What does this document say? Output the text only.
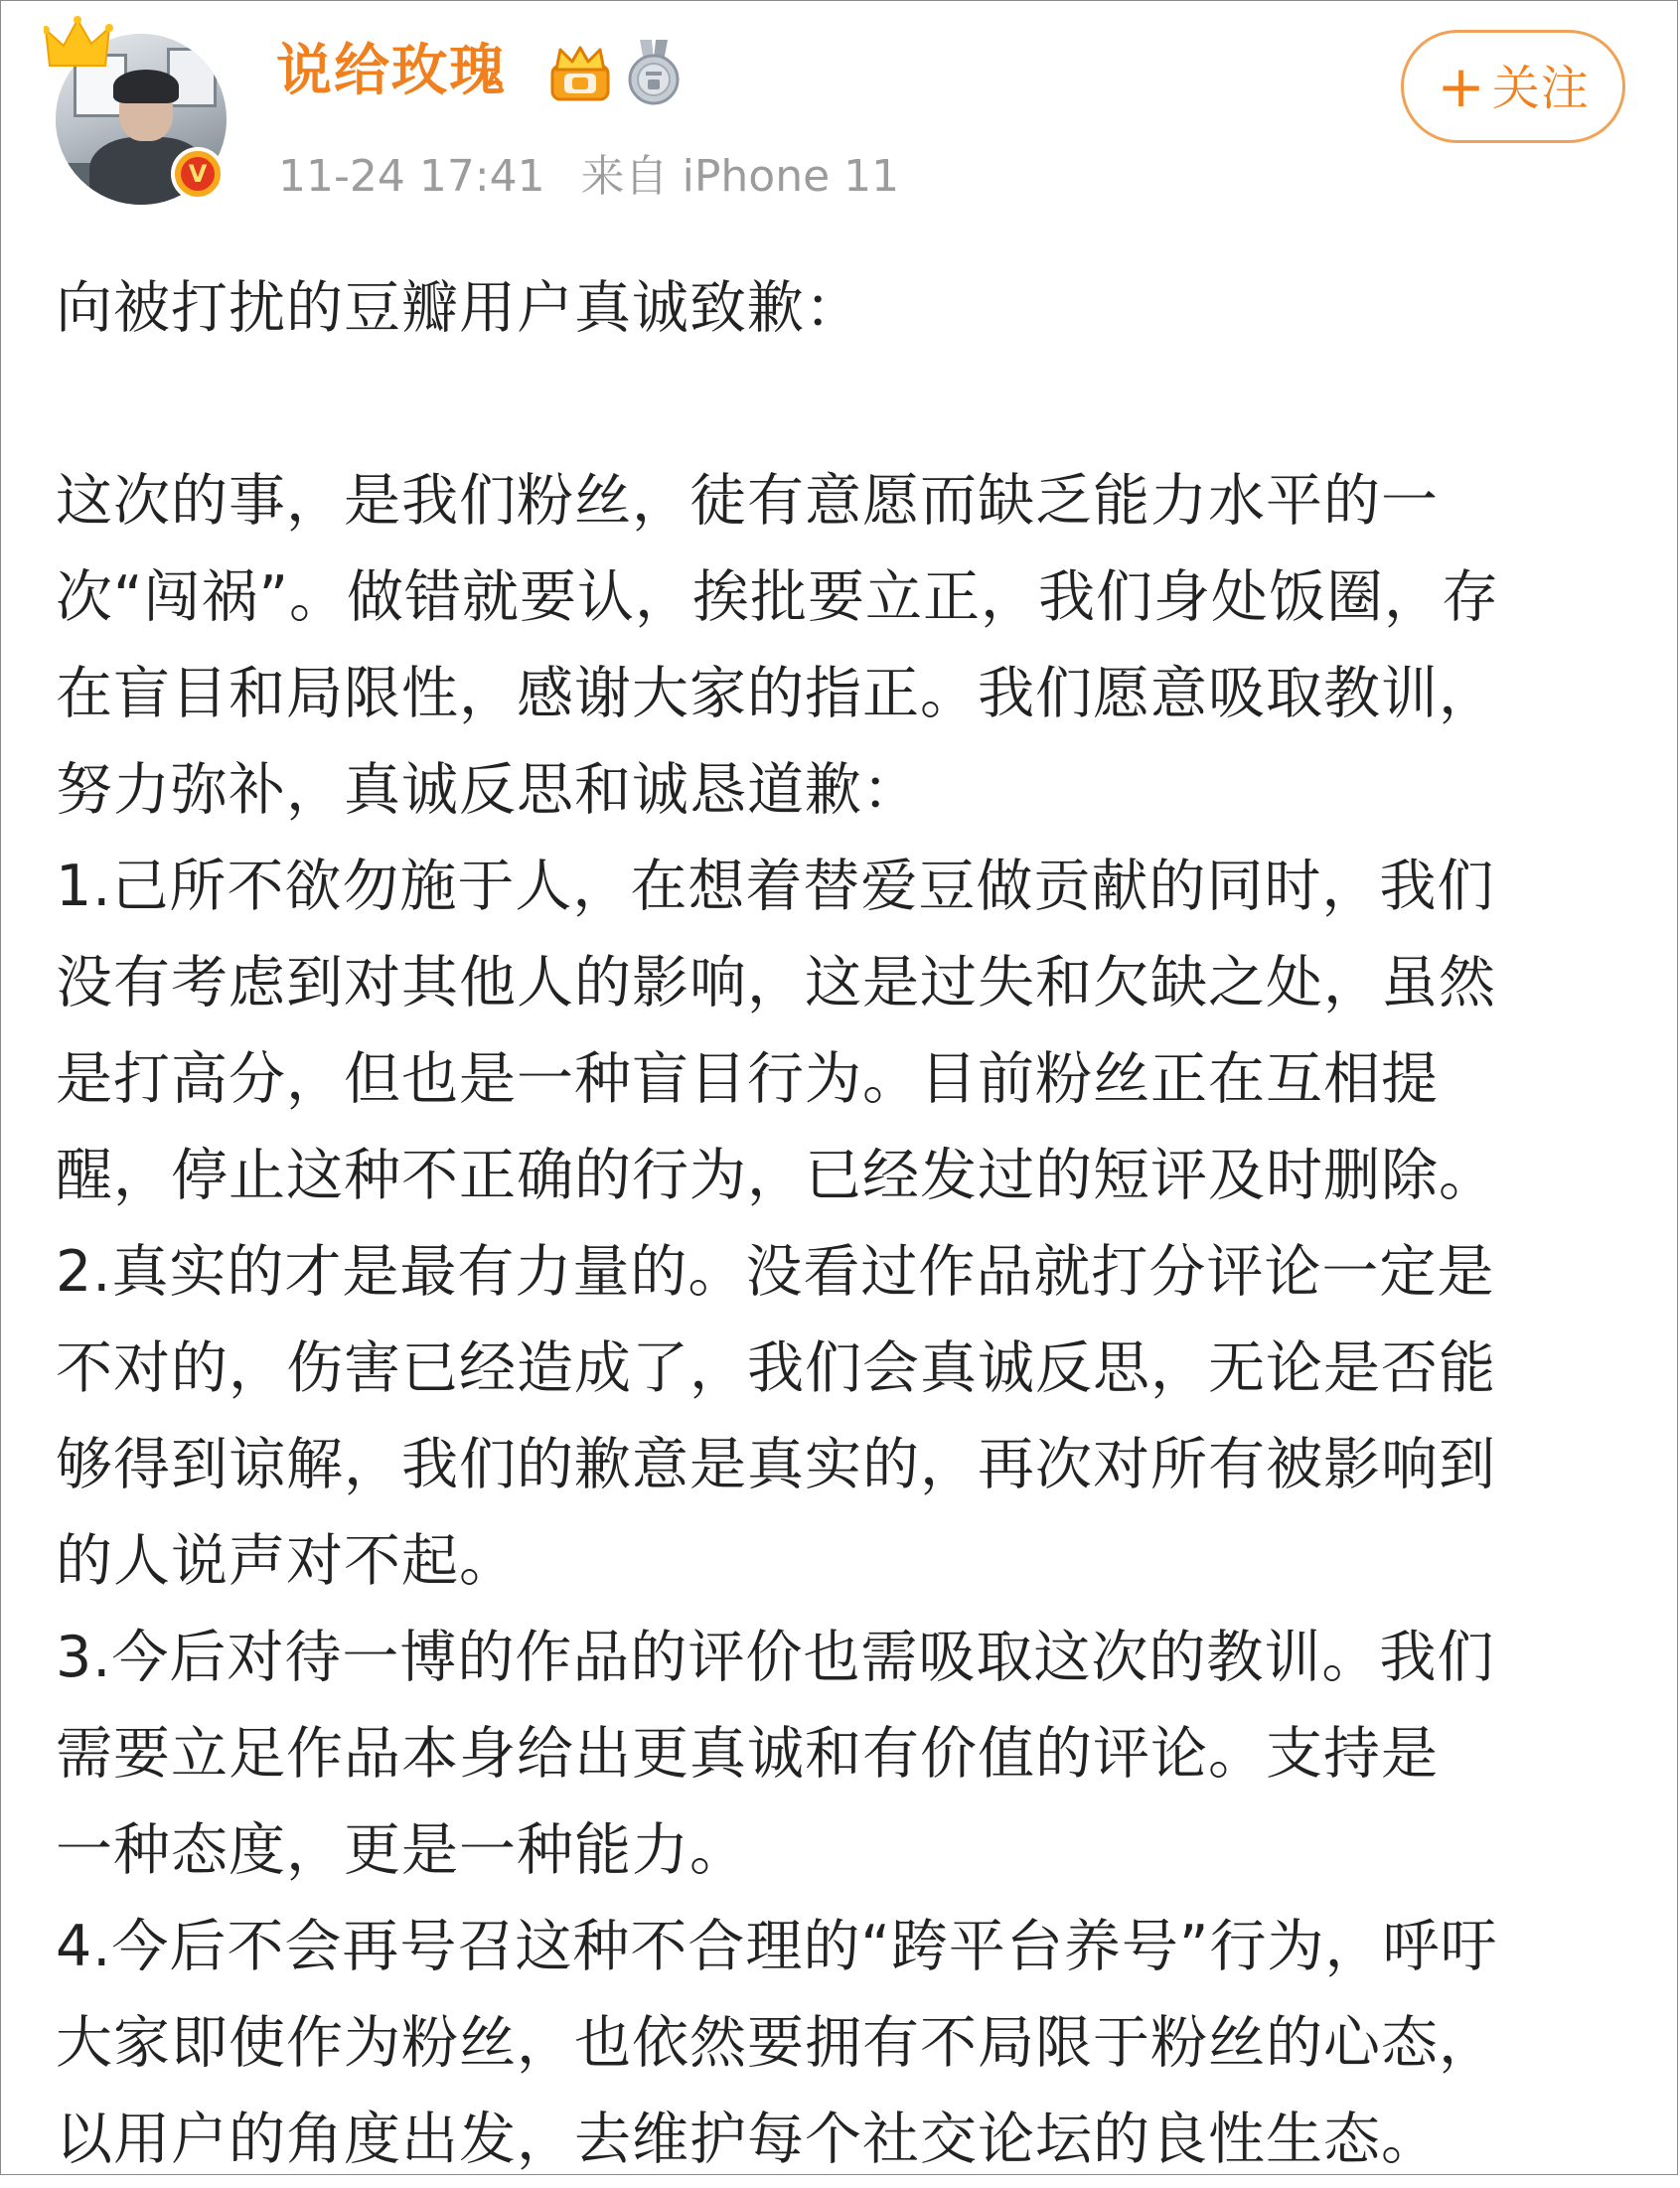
V
说给玫瑰
11-24 17:41 来自 iPhone 11
+ 关注
向被打扰的豆瓣用户真诚致歉：
这次的事，是我们粉丝，徒有意愿而缺乏能力水平的一
次“闯祸”。做错就要认，挨批要立正，我们身处饭圈，存
在盲目和局限性，感谢大家的指正。我们愿意吸取教训，
努力弥补，真诚反思和诚恳道歉：
1.己所不欲勿施于人，在想着替爱豆做贡献的同时，我们
没有考虑到对其他人的影响，这是过失和欠缺之处，虽然
是打高分，但也是一种盲目行为。目前粉丝正在互相提
醒，停止这种不正确的行为，已经发过的短评及时删除。
2.真实的才是最有力量的。没看过作品就打分评论一定是
不对的，伤害已经造成了，我们会真诚反思，无论是否能
够得到谅解，我们的歉意是真实的，再次对所有被影响到
的人说声对不起。
3.今后对待一博的作品的评价也需吸取这次的教训。我们
需要立足作品本身给出更真诚和有价值的评论。支持是
一种态度，更是一种能力。
4.今后不会再号召这种不合理的“跨平台养号”行为，呼吁
大家即使作为粉丝，也依然要拥有不局限于粉丝的心态，
以用户的角度出发，去维护每个社交论坛的良性生态。
